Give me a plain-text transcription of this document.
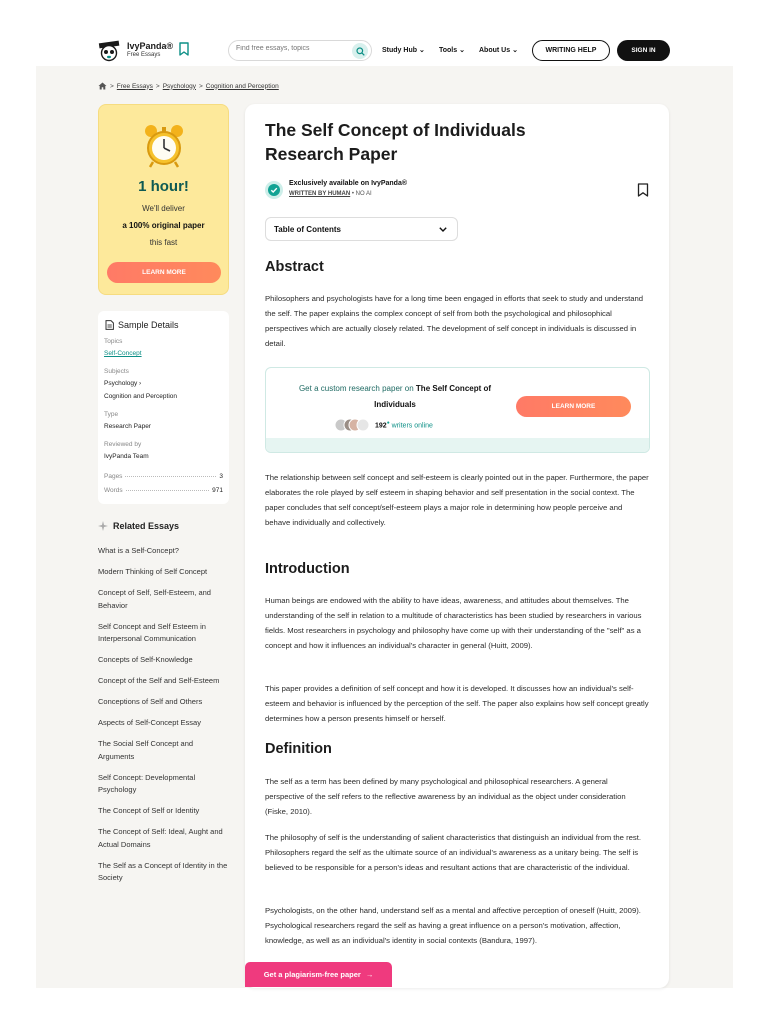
IvyPanda®
Free Essays
Find free essays, topics
Study Hub ⌄ Tools ⌄ About Us ⌄	WRITING HELP	SIGN IN
> Free Essays > Psychology > Cognition and Perception
1 hour!
We'll deliver
a 100% original paper
this fast
LEARN MORE
Sample Details
Topics
Self-Concept
Subjects
Psychology ›
Cognition and Perception
Type
Research Paper
Reviewed by
IvyPanda Team
Pages	3
Words	971
Related Essays
What is a Self-Concept?
Modern Thinking of Self Concept
Concept of Self, Self-Esteem, and Behavior
Self Concept and Self Esteem in Interpersonal Communication
Concepts of Self-Knowledge
Concept of the Self and Self-Esteem
Conceptions of Self and Others
Aspects of Self-Concept Essay
The Social Self Concept and Arguments
Self Concept: Developmental Psychology
The Concept of Self or Identity
The Concept of Self: Ideal, Aught and Actual Domains
The Self as a Concept of Identity in the Society
The Self Concept of Individuals Research Paper
Exclusively available on IvyPanda®
WRITTEN BY HUMAN • NO AI
Table of Contents
Abstract

Philosophers and psychologists have for a long time been engaged in efforts that seek to study and understand the self. The paper explains the complex concept of self from both the psychological and philosophical perspectives which are actually closely related. The development of self concept in individuals is discussed in detail.

Get a custom research paper on The Self Concept of Individuals
192● writers online
LEARN MORE

The relationship between self concept and self-esteem is clearly pointed out in the paper. Furthermore, the paper elaborates the role played by self esteem in shaping behavior and self presentation in the social context. The paper concludes that self concept/self-esteem plays a major role in determining how people perceive and behave individually and collectively.

Introduction

Human beings are endowed with the ability to have ideas, awareness, and attitudes about themselves. The understanding of the self in relation to a multitude of characteristics has been studied by researchers in various fields. Most researchers in psychology and philosophy have come up with their understanding of the "self" as a concept and how it influences an individual's character in general (Huitt, 2009).

This paper provides a definition of self concept and how it is developed. It discusses how an individual's self-esteem and behavior is influenced by the perception of the self. The paper also explains how self concept greatly determines how a person presents himself or herself.

Definition

The self as a term has been defined by many psychological and philosophical researchers. A general perspective of the self refers to the reflective awareness by an individual as the object under consideration (Fiske, 2010).

The philosophy of self is the understanding of salient characteristics that distinguish an individual from the rest. Philosophers regard the self as the ultimate source of an individual's awareness as a unitary being. The self is believed to be responsible for a person's ideas and resultant actions that are characteristic of the individual.

Psychologists, on the other hand, understand self as a mental and affective perception of oneself (Huitt, 2009). Psychological researchers regard the self as having a great influence on a person's motivation, affection, knowledge, as well as an individual's identity in social contexts (Bandura, 1997).

Get a plagiarism-free paper →
